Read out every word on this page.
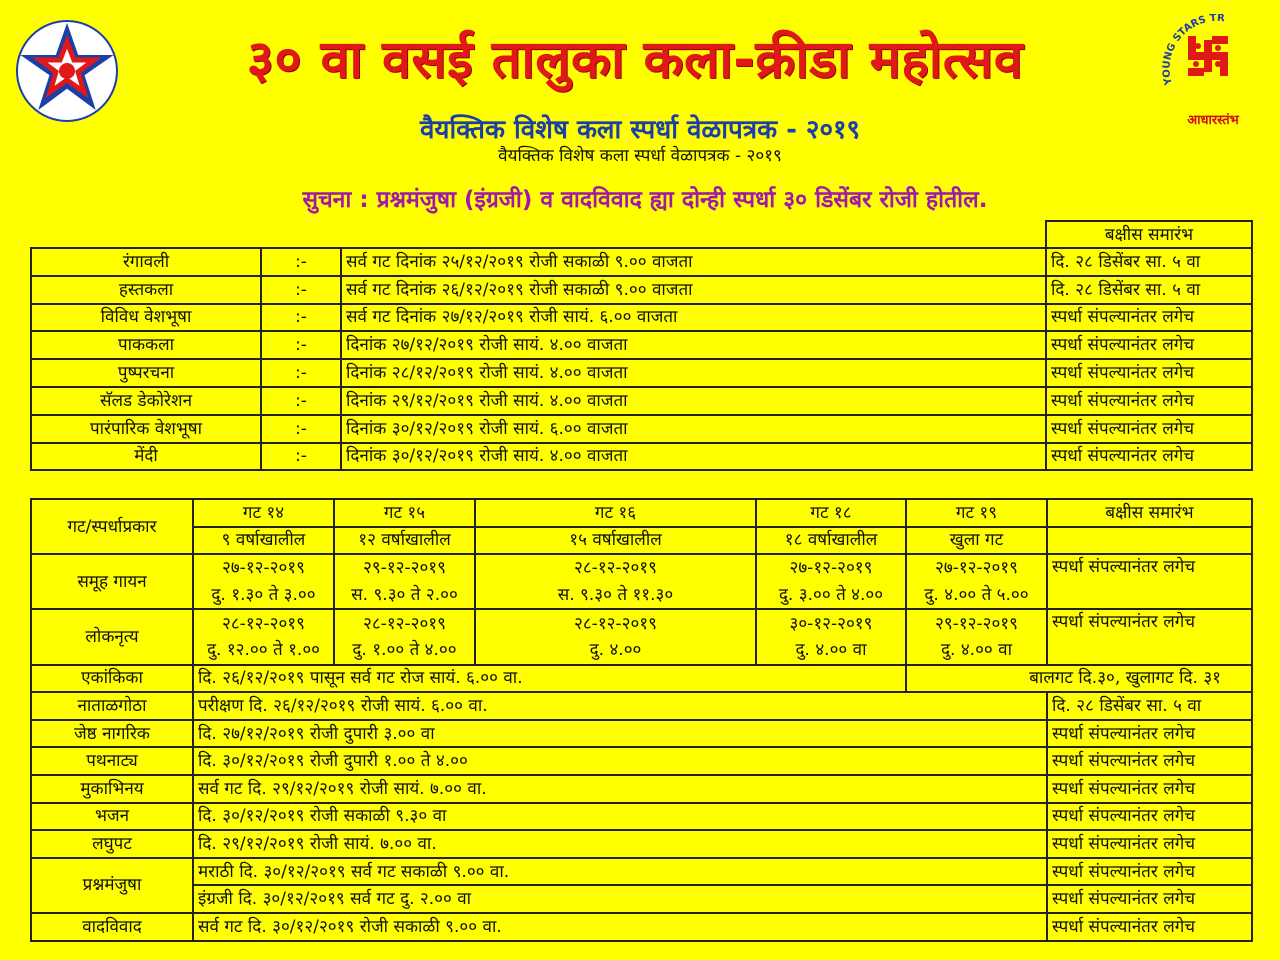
YOUNG STARS TR
आधारस्तंभ
३० वा वसई तालुका कला-क्रीडा महोत्सव
वैयक्तिक विशेष कला स्पर्धा वेळापत्रक - २०१९
वैयक्तिक विशेष कला स्पर्धा वेळापत्रक - २०१९
सुचना : प्रश्नमंजुषा (इंग्रजी) व वादविवाद ह्या दोन्ही स्पर्धा ३० डिसेंबर रोजी होतील.
			बक्षीस समारंभ
रंगावली	:-	सर्व गट दिनांक २५/१२/२०१९ रोजी सकाळी ९.०० वाजता	दि. २८ डिसेंबर सा. ५ वा
हस्तकला	:-	सर्व गट दिनांक २६/१२/२०१९ रोजी सकाळी ९.०० वाजता	दि. २८ डिसेंबर सा. ५ वा
विविध वेशभूषा	:-	सर्व गट दिनांक २७/१२/२०१९ रोजी सायं. ६.०० वाजता	स्पर्धा संपल्यानंतर लगेच
पाककला	:-	दिनांक २७/१२/२०१९ रोजी सायं. ४.०० वाजता	स्पर्धा संपल्यानंतर लगेच
पुष्परचना	:-	दिनांक २८/१२/२०१९ रोजी सायं. ४.०० वाजता	स्पर्धा संपल्यानंतर लगेच
सॅलड डेकोरेशन	:-	दिनांक २९/१२/२०१९ रोजी सायं. ४.०० वाजता	स्पर्धा संपल्यानंतर लगेच
पारंपारिक वेशभूषा	:-	दिनांक ३०/१२/२०१९ रोजी सायं. ६.०० वाजता	स्पर्धा संपल्यानंतर लगेच
मेंदी	:-	दिनांक ३०/१२/२०१९ रोजी सायं. ४.०० वाजता	स्पर्धा संपल्यानंतर लगेच
गट/स्पर्धाप्रकार	गट १४	गट १५	गट १६	गट १८	गट १९	बक्षीस समारंभ
	९ वर्षाखालील	१२ वर्षाखालील	१५ वर्षाखालील	१८ वर्षाखालील	खुला गट	
समूह गायन	२७-१२-२०१९	२९-१२-२०१९	२८-१२-२०१९	२७-१२-२०१९	२७-१२-२०१९	स्पर्धा संपल्यानंतर लगेच
	दु. १.३० ते ३.००	स. ९.३० ते २.००	स. ९.३० ते ११.३०	दु. ३.०० ते ४.००	दु. ४.०० ते ५.००	
लोकनृत्य	२८-१२-२०१९	२८-१२-२०१९	२८-१२-२०१९	३०-१२-२०१९	२९-१२-२०१९	स्पर्धा संपल्यानंतर लगेच
	दु. १२.०० ते १.००	दु. १.०० ते ४.००	दु. ४.००	दु. ४.०० वा	दु. ४.०० वा	
एकांकिका	दि. २६/१२/२०१९ पासून सर्व गट रोज सायं. ६.०० वा.				बालगट दि.३०, खुलागट दि. ३१	
नाताळगोठा	परीक्षण दि. २६/१२/२०१९ रोजी सायं. ६.०० वा.					दि. २८ डिसेंबर सा. ५ वा
जेष्ठ नागरिक	दि. २७/१२/२०१९ रोजी दुपारी ३.०० वा					स्पर्धा संपल्यानंतर लगेच
पथनाट्य	दि. ३०/१२/२०१९ रोजी दुपारी १.०० ते ४.००					स्पर्धा संपल्यानंतर लगेच
मुकाभिनय	सर्व गट दि. २९/१२/२०१९ रोजी सायं. ७.०० वा.					स्पर्धा संपल्यानंतर लगेच
भजन	दि. ३०/१२/२०१९ रोजी सकाळी ९.३० वा					स्पर्धा संपल्यानंतर लगेच
लघुपट	दि. २९/१२/२०१९ रोजी सायं. ७.०० वा.					स्पर्धा संपल्यानंतर लगेच
प्रश्नमंजुषा	मराठी दि. ३०/१२/२०१९ सर्व गट सकाळी ९.०० वा.					स्पर्धा संपल्यानंतर लगेच
	इंग्रजी दि. ३०/१२/२०१९ सर्व गट दु. २.०० वा					स्पर्धा संपल्यानंतर लगेच
वादविवाद	सर्व गट दि. ३०/१२/२०१९ रोजी सकाळी ९.०० वा.					स्पर्धा संपल्यानंतर लगेच
